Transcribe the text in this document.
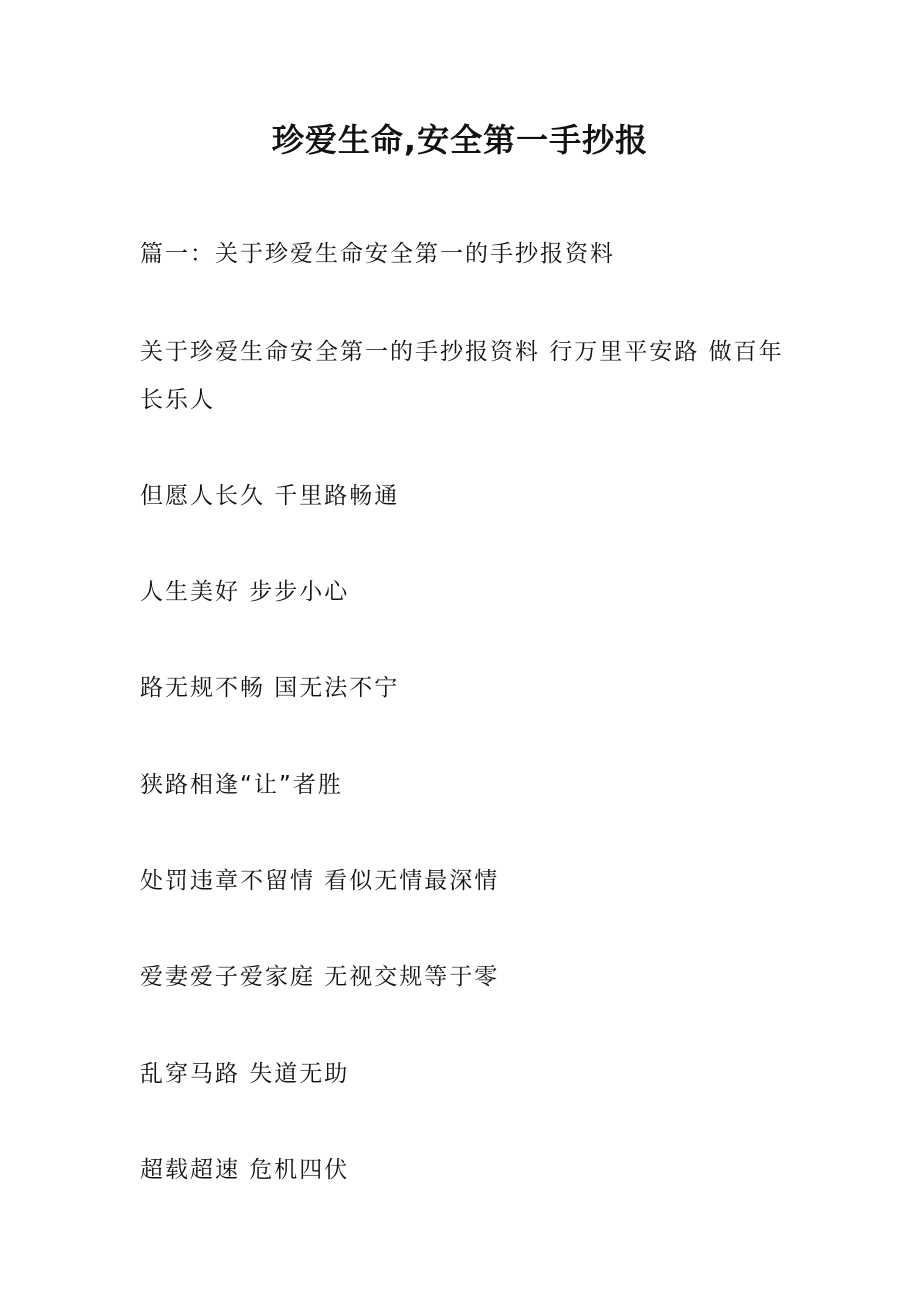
珍爱生命,安全第一手抄报
篇一：关于珍爱生命安全第一的手抄报资料
关于珍爱生命安全第一的手抄报资料 行万里平安路 做百年长乐人
但愿人长久 千里路畅通
人生美好 步步小心
路无规不畅 国无法不宁
狭路相逢“让”者胜
处罚违章不留情 看似无情最深情
爱妻爱子爱家庭 无视交规等于零
乱穿马路 失道无助
超载超速 危机四伏
